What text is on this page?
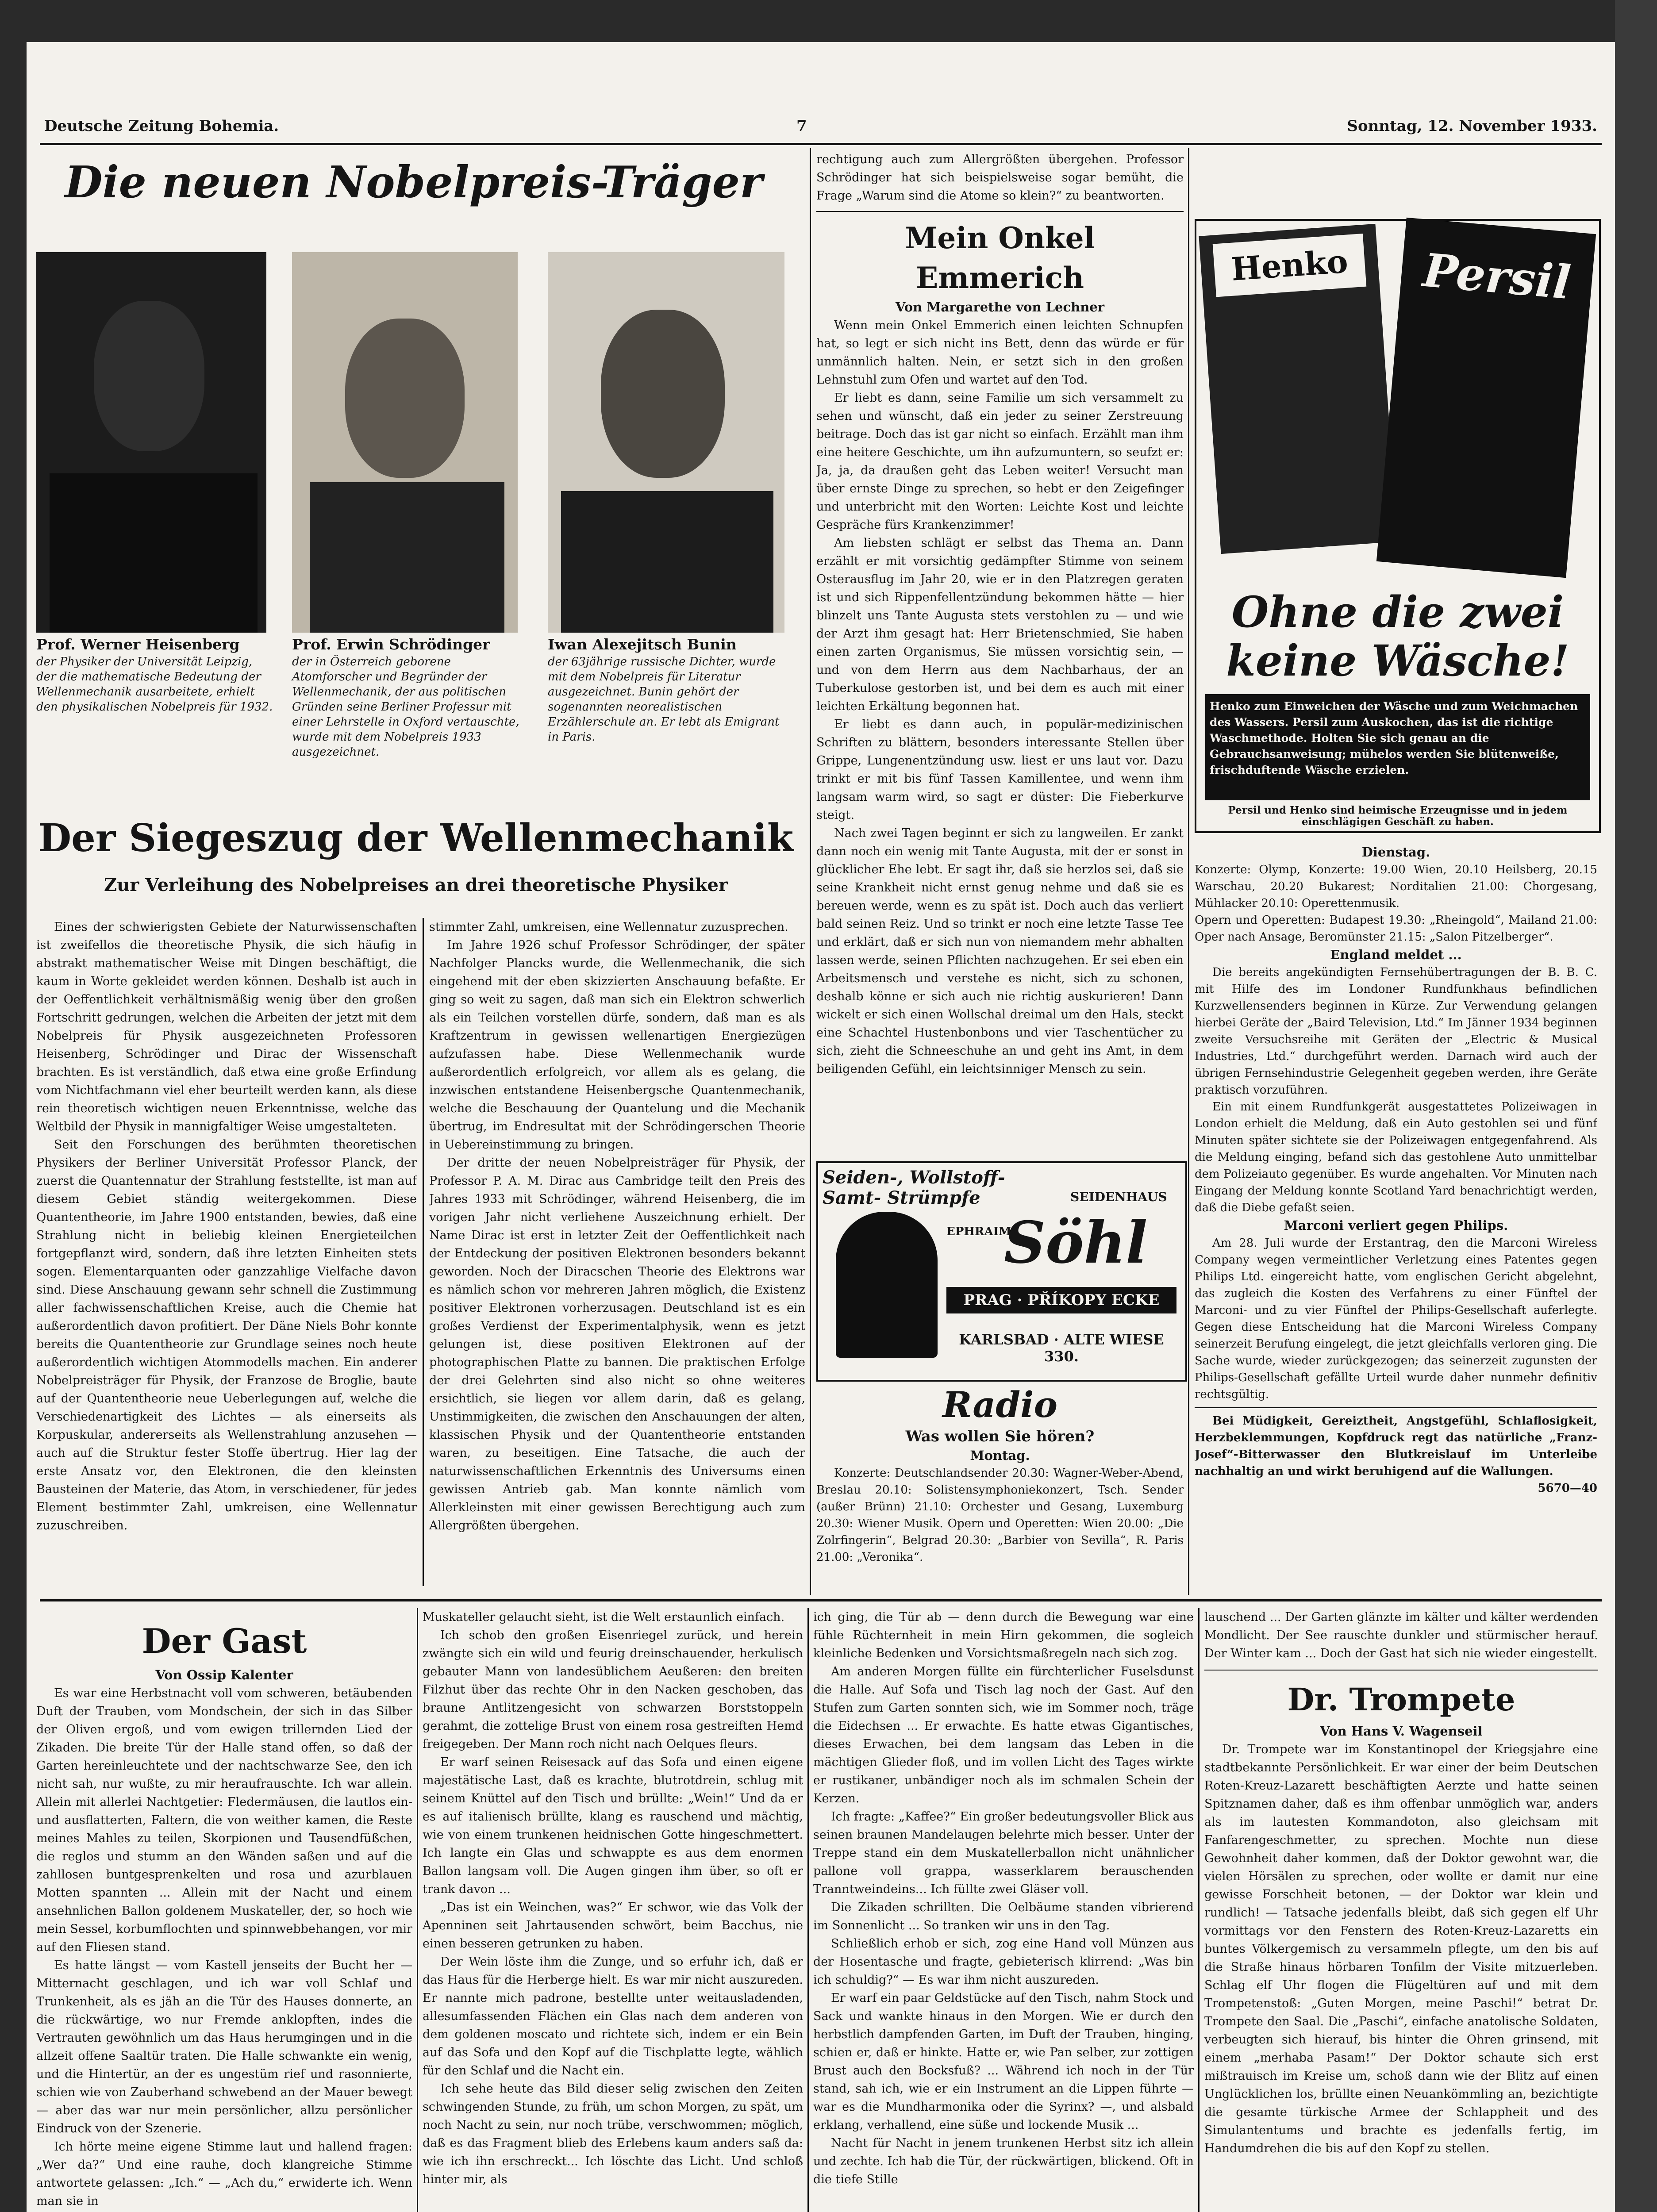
Deutsche Zeitung Bohemia.	7	Sonntag, 12. November 1933.
Die neuen Nobelpreis-Träger
Prof. Werner Heisenberg
der Physiker der Universität Leipzig, der die mathematische Bedeutung der Wellenmechanik ausarbeitete, erhielt den physikalischen Nobelpreis für 1932.
Prof. Erwin Schrödinger
der in Österreich geborene Atomforscher und Begründer der Wellenmechanik, der aus politischen Gründen seine Berliner Professur mit einer Lehrstelle in Oxford vertauschte, wurde mit dem Nobelpreis 1933 ausgezeichnet.
Iwan Alexejitsch Bunin
der 63jährige russische Dichter, wurde mit dem Nobelpreis für Literatur ausgezeichnet. Bunin gehört der sogenannten neorealistischen Erzählerschule an. Er lebt als Emigrant in Paris.
Der Siegeszug der Wellenmechanik
Zur Verleihung des Nobelpreises an drei theoretische Physiker

Eines der schwierigsten Gebiete der Naturwissenschaften ist zweifellos die theoretische Physik, die sich häufig in abstrakt mathematischer Weise mit Dingen beschäftigt, die kaum in Worte gekleidet werden können. Deshalb ist auch in der Oeffentlichkeit verhältnismäßig wenig über den großen Fortschritt gedrungen, welchen die Arbeiten der jetzt mit dem Nobelpreis für Physik ausgezeichneten Professoren Heisenberg, Schrödinger und Dirac der Wissenschaft brachten. Es ist verständlich, daß etwa eine große Erfindung vom Nichtfachmann viel eher beurteilt werden kann, als diese rein theoretisch wichtigen neuen Erkenntnisse, welche das Weltbild der Physik in mannigfaltiger Weise umgestalteten.

Seit den Forschungen des berühmten theoretischen Physikers der Berliner Universität Professor Planck, der zuerst die Quantennatur der Strahlung feststellte, ist man auf diesem Gebiet ständig weitergekommen. Diese Quantentheorie, im Jahre 1900 entstanden, bewies, daß eine Strahlung nicht in beliebig kleinen Energieteilchen fortgepflanzt wird, sondern, daß ihre letzten Einheiten stets sogen. Elementarquanten oder ganzzahlige Vielfache davon sind. Diese Anschauung gewann sehr schnell die Zustimmung aller fachwissenschaftlichen Kreise, auch die Chemie hat außerordentlich davon profitiert. Der Däne Niels Bohr konnte bereits die Quantentheorie zur Grundlage seines noch heute außerordentlich wichtigen Atommodells machen. Ein anderer Nobelpreisträger für Physik, der Franzose de Broglie, baute auf der Quantentheorie neue Ueberlegungen auf, welche die Verschiedenartigkeit des Lichtes — als einerseits als Korpuskular, andererseits als Wellenstrahlung anzusehen — auch auf die Struktur fester Stoffe übertrug. Hier lag der erste Ansatz vor, den Elektronen, die den kleinsten Bausteinen der Materie, das Atom, in verschiedener, für jedes Element bestimmter Zahl, umkreisen, eine Wellennatur zuzuschreiben.

stimmter Zahl, umkreisen, eine Wellennatur zuzusprechen.

Im Jahre 1926 schuf Professor Schrödinger, der später Nachfolger Plancks wurde, die Wellenmechanik, die sich eingehend mit der eben skizzierten Anschauung befaßte. Er ging so weit zu sagen, daß man sich ein Elektron schwerlich als ein Teilchen vorstellen dürfe, sondern, daß man es als Kraftzentrum in gewissen wellenartigen Energiezügen aufzufassen habe. Diese Wellenmechanik wurde außerordentlich erfolgreich, vor allem als es gelang, die inzwischen entstandene Heisenbergsche Quantenmechanik, welche die Beschauung der Quantelung und die Mechanik übertrug, im Endresultat mit der Schrödingerschen Theorie in Uebereinstimmung zu bringen.

Der dritte der neuen Nobelpreisträger für Physik, der Professor P. A. M. Dirac aus Cambridge teilt den Preis des Jahres 1933 mit Schrödinger, während Heisenberg, die im vorigen Jahr nicht verliehene Auszeichnung erhielt. Der Name Dirac ist erst in letzter Zeit der Oeffentlichkeit nach der Entdeckung der positiven Elektronen besonders bekannt geworden. Noch der Diracschen Theorie des Elektrons war es nämlich schon vor mehreren Jahren möglich, die Existenz positiver Elektronen vorherzusagen. Deutschland ist es ein großes Verdienst der Experimentalphysik, wenn es jetzt gelungen ist, diese positiven Elektronen auf der photographischen Platte zu bannen. Die praktischen Erfolge der drei Gelehrten sind also nicht so ohne weiteres ersichtlich, sie liegen vor allem darin, daß es gelang, Unstimmigkeiten, die zwischen den Anschauungen der alten, klassischen Physik und der Quantentheorie entstanden waren, zu beseitigen. Eine Tatsache, die auch der naturwissenschaftlichen Erkenntnis des Universums einen gewissen Antrieb gab. Man konnte nämlich vom Allerkleinsten mit einer gewissen Berechtigung auch zum Allergrößten übergehen.

rechtigung auch zum Allergrößten übergehen. Professor Schrödinger hat sich beispielsweise sogar bemüht, die Frage „Warum sind die Atome so klein?“ zu beantworten.

Mein Onkel Emmerich
Von Margarethe von Lechner

Wenn mein Onkel Emmerich einen leichten Schnupfen hat, so legt er sich nicht ins Bett, denn das würde er für unmännlich halten. Nein, er setzt sich in den großen Lehnstuhl zum Ofen und wartet auf den Tod.

Er liebt es dann, seine Familie um sich versammelt zu sehen und wünscht, daß ein jeder zu seiner Zerstreuung beitrage. Doch das ist gar nicht so einfach. Erzählt man ihm eine heitere Geschichte, um ihn aufzumuntern, so seufzt er: Ja, ja, da draußen geht das Leben weiter! Versucht man über ernste Dinge zu sprechen, so hebt er den Zeigefinger und unterbricht mit den Worten: Leichte Kost und leichte Gespräche fürs Krankenzimmer!

Am liebsten schlägt er selbst das Thema an. Dann erzählt er mit vorsichtig gedämpfter Stimme von seinem Osterausflug im Jahr 20, wie er in den Platzregen geraten ist und sich Rippenfellentzündung bekommen hätte — hier blinzelt uns Tante Augusta stets verstohlen zu — und wie der Arzt ihm gesagt hat: Herr Brietenschmied, Sie haben einen zarten Organismus, Sie müssen vorsichtig sein, — und von dem Herrn aus dem Nachbarhaus, der an Tuberkulose gestorben ist, und bei dem es auch mit einer leichten Erkältung begonnen hat.

Er liebt es dann auch, in populär-medizinischen Schriften zu blättern, besonders interessante Stellen über Grippe, Lungenentzündung usw. liest er uns laut vor. Dazu trinkt er mit bis fünf Tassen Kamillentee, und wenn ihm langsam warm wird, so sagt er düster: Die Fieberkurve steigt.

Nach zwei Tagen beginnt er sich zu langweilen. Er zankt dann noch ein wenig mit Tante Augusta, mit der er sonst in glücklicher Ehe lebt. Er sagt ihr, daß sie herzlos sei, daß sie seine Krankheit nicht ernst genug nehme und daß sie es bereuen werde, wenn es zu spät ist. Doch auch das verliert bald seinen Reiz. Und so trinkt er noch eine letzte Tasse Tee und erklärt, daß er sich nun von niemandem mehr abhalten lassen werde, seinen Pflichten nachzugehen. Er sei eben ein Arbeitsmensch und verstehe es nicht, sich zu schonen, deshalb könne er sich auch nie richtig auskurieren! Dann wickelt er sich einen Wollschal dreimal um den Hals, steckt eine Schachtel Hustenbonbons und vier Taschentücher zu sich, zieht die Schneeschuhe an und geht ins Amt, in dem beiligenden Gefühl, ein leichtsinniger Mensch zu sein.

Seiden-, Wollstoff- Samt- Strümpfe	SEIDENHAUS
EPHRAIM
Söhl
PRAG · PŘÍKOPY ECKE MÜSTEK
KARLSBAD · ALTE WIESE 330.
Radio
Was wollen Sie hören?
Montag.

Konzerte: Deutschlandsender 20.30: Wagner-Weber-Abend, Breslau 20.10: Solistensymphoniekonzert, Tsch. Sender (außer Brünn) 21.10: Orchester und Gesang, Luxemburg 20.30: Wiener Musik. Opern und Operetten: Wien 20.00: „Die Zolrfingerin“, Belgrad 20.30: „Barbier von Sevilla“, R. Paris 21.00: „Veronika“.

Henko	Persil
Ohne die zwei keine Wäsche!
Henko zum Einweichen der Wäsche und zum Weichmachen des Wassers. Persil zum Auskochen, das ist die richtige Waschmethode. Holten Sie sich genau an die Gebrauchsanweisung; mühelos werden Sie blütenweiße, frischduftende Wäsche erzielen.
Persil und Henko sind heimische Erzeugnisse und in jedem einschlägigen Geschäft zu haben.
Dienstag.

Konzerte: Olymp, Konzerte: 19.00 Wien, 20.10 Heilsberg, 20.15 Warschau, 20.20 Bukarest; Norditalien 21.00: Chorgesang, Mühlacker 20.10: Operettenmusik.

Opern und Operetten: Budapest 19.30: „Rheingold“, Mailand 21.00: Oper nach Ansage, Beromünster 21.15: „Salon Pitzelberger“.

England meldet ...

Die bereits angekündigten Fernsehübertragungen der B. B. C. mit Hilfe des im Londoner Rundfunkhaus befindlichen Kurzwellensenders beginnen in Kürze. Zur Verwendung gelangen hierbei Geräte der „Baird Television, Ltd.“ Im Jänner 1934 beginnen zweite Versuchsreihe mit Geräten der „Electric & Musical Industries, Ltd.“ durchgeführt werden. Darnach wird auch der übrigen Fernsehindustrie Gelegenheit gegeben werden, ihre Geräte praktisch vorzuführen.

Ein mit einem Rundfunkgerät ausgestattetes Polizeiwagen in London erhielt die Meldung, daß ein Auto gestohlen sei und fünf Minuten später sichtete sie der Polizeiwagen entgegenfahrend. Als die Meldung einging, befand sich das gestohlene Auto unmittelbar dem Polizeiauto gegenüber. Es wurde angehalten. Vor Minuten nach Eingang der Meldung konnte Scotland Yard benachrichtigt werden, daß die Diebe gefaßt seien.

Marconi verliert gegen Philips.

Am 28. Juli wurde der Erstantrag, den die Marconi Wireless Company wegen vermeintlicher Verletzung eines Patentes gegen Philips Ltd. eingereicht hatte, vom englischen Gericht abgelehnt, das zugleich die Kosten des Verfahrens zu einer Fünftel der Marconi- und zu vier Fünftel der Philips-Gesellschaft auferlegte. Gegen diese Entscheidung hat die Marconi Wireless Company seinerzeit Berufung eingelegt, die jetzt gleichfalls verloren ging. Die Sache wurde, wieder zurückgezogen; das seinerzeit zugunsten der Philips-Gesellschaft gefällte Urteil wurde daher nunmehr definitiv rechtsgültig.

Bei Müdigkeit, Gereiztheit, Angstgefühl, Schlaflosigkeit, Herzbeklemmungen, Kopfdruck regt das natürliche „Franz-Josef“-Bitterwasser den Blutkreislauf im Unterleibe nachhaltig an und wirkt beruhigend auf die Wallungen.

5670—40
Der Gast
Von Ossip Kalenter

Es war eine Herbstnacht voll vom schweren, betäubenden Duft der Trauben, vom Mondschein, der sich in das Silber der Oliven ergoß, und vom ewigen trillernden Lied der Zikaden. Die breite Tür der Halle stand offen, so daß der Garten hereinleuchtete und der nachtschwarze See, den ich nicht sah, nur wußte, zu mir heraufrauschte. Ich war allein. Allein mit allerlei Nachtgetier: Fledermäusen, die lautlos ein- und ausflatterten, Faltern, die von weither kamen, die Reste meines Mahles zu teilen, Skorpionen und Tausendfüßchen, die reglos und stumm an den Wänden saßen und auf die zahllosen buntgesprenkelten und rosa und azurblauen Motten spannten ... Allein mit der Nacht und einem ansehnlichen Ballon goldenem Muskateller, der, so hoch wie mein Sessel, korbumflochten und spinnwebbehangen, vor mir auf den Fliesen stand.

Es hatte längst — vom Kastell jenseits der Bucht her — Mitternacht geschlagen, und ich war voll Schlaf und Trunkenheit, als es jäh an die Tür des Hauses donnerte, an die rückwärtige, wo nur Fremde anklopften, indes die Vertrauten gewöhnlich um das Haus herumgingen und in die allzeit offene Saaltür traten. Die Halle schwankte ein wenig, und die Hintertür, an der es ungestüm rief und rasonnierte, schien wie von Zauberhand schwebend an der Mauer bewegt — aber das war nur mein persönlicher, allzu persönlicher Eindruck von der Szenerie.

Ich hörte meine eigene Stimme laut und hallend fragen: „Wer da?“ Und eine rauhe, doch klangreiche Stimme antwortete gelassen: „Ich.“ — „Ach du,“ erwiderte ich. Wenn man sie in

Muskateller gelaucht sieht, ist die Welt erstaunlich einfach.

Ich schob den großen Eisenriegel zurück, und herein zwängte sich ein wild und feurig dreinschauender, herkulisch gebauter Mann von landesüblichem Aeußeren: den breiten Filzhut über das rechte Ohr in den Nacken geschoben, das braune Antlitzengesicht von schwarzen Borststoppeln gerahmt, die zottelige Brust von einem rosa gestreiften Hemd freigegeben. Der Mann roch nicht nach Oelques fleurs.

Er warf seinen Reisesack auf das Sofa und einen eigene majestätische Last, daß es krachte, blutrotdrein, schlug mit seinem Knüttel auf den Tisch und brüllte: „Wein!“ Und da er es auf italienisch brüllte, klang es rauschend und mächtig, wie von einem trunkenen heidnischen Gotte hingeschmettert. Ich langte ein Glas und schwappte es aus dem enormen Ballon langsam voll. Die Augen gingen ihm über, so oft er trank davon ...

„Das ist ein Weinchen, was?“ Er schwor, wie das Volk der Apenninen seit Jahrtausenden schwört, beim Bacchus, nie einen besseren getrunken zu haben.

Der Wein löste ihm die Zunge, und so erfuhr ich, daß er das Haus für die Herberge hielt. Es war mir nicht auszureden. Er nannte mich padrone, bestellte unter weitausladenden, allesumfassenden Flächen ein Glas nach dem anderen von dem goldenen moscato und richtete sich, indem er ein Bein auf das Sofa und den Kopf auf die Tischplatte legte, wählich für den Schlaf und die Nacht ein.

Ich sehe heute das Bild dieser selig zwischen den Zeiten schwingenden Stunde, zu früh, um schon Morgen, zu spät, um noch Nacht zu sein, nur noch trübe, verschwommen; möglich, daß es das Fragment blieb des Erlebens kaum anders saß da: wie ich ihn erschreckt... Ich löschte das Licht. Und schloß hinter mir, als

ich ging, die Tür ab — denn durch die Bewegung war eine fühle Rüchternheit in mein Hirn gekommen, die sogleich kleinliche Bedenken und Vorsichtsmaßregeln nach sich zog.

Am anderen Morgen füllte ein fürchterlicher Fuselsdunst die Halle. Auf Sofa und Tisch lag noch der Gast. Auf den Stufen zum Garten sonnten sich, wie im Sommer noch, träge die Eidechsen ... Er erwachte. Es hatte etwas Gigantisches, dieses Erwachen, bei dem langsam das Leben in die mächtigen Glieder floß, und im vollen Licht des Tages wirkte er rustikaner, unbändiger noch als im schmalen Schein der Kerzen.

Ich fragte: „Kaffee?“ Ein großer bedeutungsvoller Blick aus seinen braunen Mandelaugen belehrte mich besser. Unter der Treppe stand ein dem Muskatellerballon nicht unähnlicher pallone voll grappa, wasserklarem berauschenden Tranntweindeins... Ich füllte zwei Gläser voll.

Die Zikaden schrillten. Die Oelbäume standen vibrierend im Sonnenlicht ... So tranken wir uns in den Tag.

Schließlich erhob er sich, zog eine Hand voll Münzen aus der Hosentasche und fragte, gebieterisch klirrend: „Was bin ich schuldig?“ — Es war ihm nicht auszureden.

Er warf ein paar Geldstücke auf den Tisch, nahm Stock und Sack und wankte hinaus in den Morgen. Wie er durch den herbstlich dampfenden Garten, im Duft der Trauben, hinging, schien er, daß er hinkte. Hatte er, wie Pan selber, zur zottigen Brust auch den Bocksfuß? ... Während ich noch in der Tür stand, sah ich, wie er ein Instrument an die Lippen führte — war es die Mundharmonika oder die Syrinx? —, und alsbald erklang, verhallend, eine süße und lockende Musik ...

Nacht für Nacht in jenem trunkenen Herbst sitz ich allein und zechte. Ich hab die Tür, der rückwärtigen, blickend. Oft in die tiefe Stille

lauschend ... Der Garten glänzte im kälter und kälter werdenden Mondlicht. Der See rauschte dunkler und stürmischer herauf. Der Winter kam ... Doch der Gast hat sich nie wieder eingestellt.

Dr. Trompete
Von Hans V. Wagenseil

Dr. Trompete war im Konstantinopel der Kriegsjahre eine stadtbekannte Persönlichkeit. Er war einer der beim Deutschen Roten-Kreuz-Lazarett beschäftigten Aerzte und hatte seinen Spitznamen daher, daß es ihm offenbar unmöglich war, anders als im lautesten Kommandoton, also gleichsam mit Fanfarengeschmetter, zu sprechen. Mochte nun diese Gewohnheit daher kommen, daß der Doktor gewohnt war, die vielen Hörsälen zu sprechen, oder wollte er damit nur eine gewisse Forschheit betonen, — der Doktor war klein und rundlich! — Tatsache jedenfalls bleibt, daß sich gegen elf Uhr vormittags vor den Fenstern des Roten-Kreuz-Lazaretts ein buntes Völkergemisch zu versammeln pflegte, um den bis auf die Straße hinaus hörbaren Tonfilm der Visite mitzuerleben. Schlag elf Uhr flogen die Flügeltüren auf und mit dem Trompetenstoß: „Guten Morgen, meine Paschi!“ betrat Dr. Trompete den Saal. Die „Paschi“, einfache anatolische Soldaten, verbeugten sich hierauf, bis hinter die Ohren grinsend, mit einem „merhaba Pasam!“ Der Doktor schaute sich erst mißtrauisch im Kreise um, schoß dann wie der Blitz auf einen Unglücklichen los, brüllte einen Neuankömmling an, bezichtigte die gesamte türkische Armee der Schlappheit und des Simulantentums und brachte es jedenfalls fertig, im Handumdrehen die bis auf den Kopf zu stellen.
